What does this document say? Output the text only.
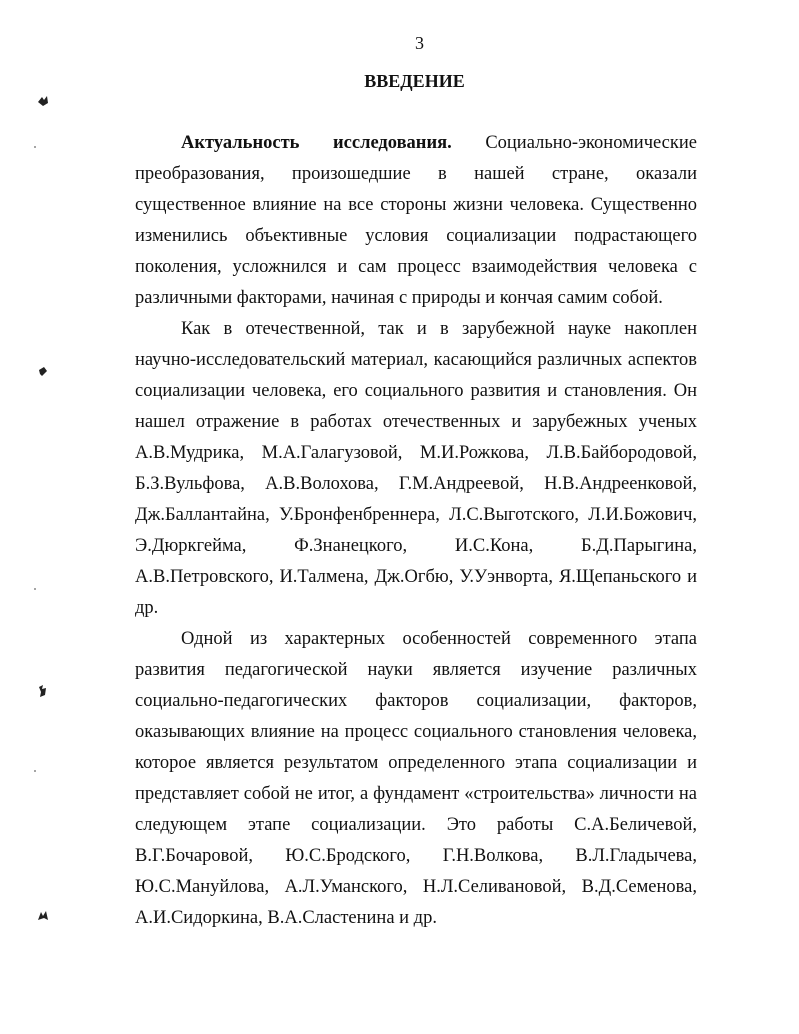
3
ВВЕДЕНИЕ
Актуальность исследования. Социально-экономические
преобразования, произошедшие в нашей стране, оказали
существенное влияние на все стороны жизни человека. Существенно
изменились объективные условия социализации подрастающего
поколения, усложнился и сам процесс взаимодействия человека с
различными факторами, начиная с природы и кончая самим собой.
Как в отечественной, так и в зарубежной науке накоплен
научно-исследовательский материал, касающийся различных аспектов
социализации человека, его социального развития и становления. Он
нашел отражение в работах отечественных и зарубежных ученых
А.В.Мудрика, М.А.Галагузовой, М.И.Рожкова, Л.В.Байбородовой,
Б.З.Вульфова, А.В.Волохова, Г.М.Андреевой, Н.В.Андреенковой,
Дж.Баллантайна, У.Бронфенбреннера, Л.С.Выготского, Л.И.Божович,
Э.Дюркгейма, Ф.Знанецкого, И.С.Кона, Б.Д.Парыгина,
А.В.Петровского, И.Талмена, Дж.Огбю, У.Уэнворта, Я.Щепаньского и
др.
Одной из характерных особенностей современного этапа
развития педагогической науки является изучение различных
социально-педагогических факторов социализации, факторов,
оказывающих влияние на процесс социального становления человека,
которое является результатом определенного этапа социализации и
представляет собой не итог, а фундамент «строительства» личности на
следующем этапе социализации. Это работы С.А.Беличевой,
В.Г.Бочаровой, Ю.С.Бродского, Г.Н.Волкова, В.Л.Гладычева,
Ю.С.Мануйлова, А.Л.Уманского, Н.Л.Селивановой, В.Д.Семенова,
А.И.Сидоркина, В.А.Сластенина и др.
